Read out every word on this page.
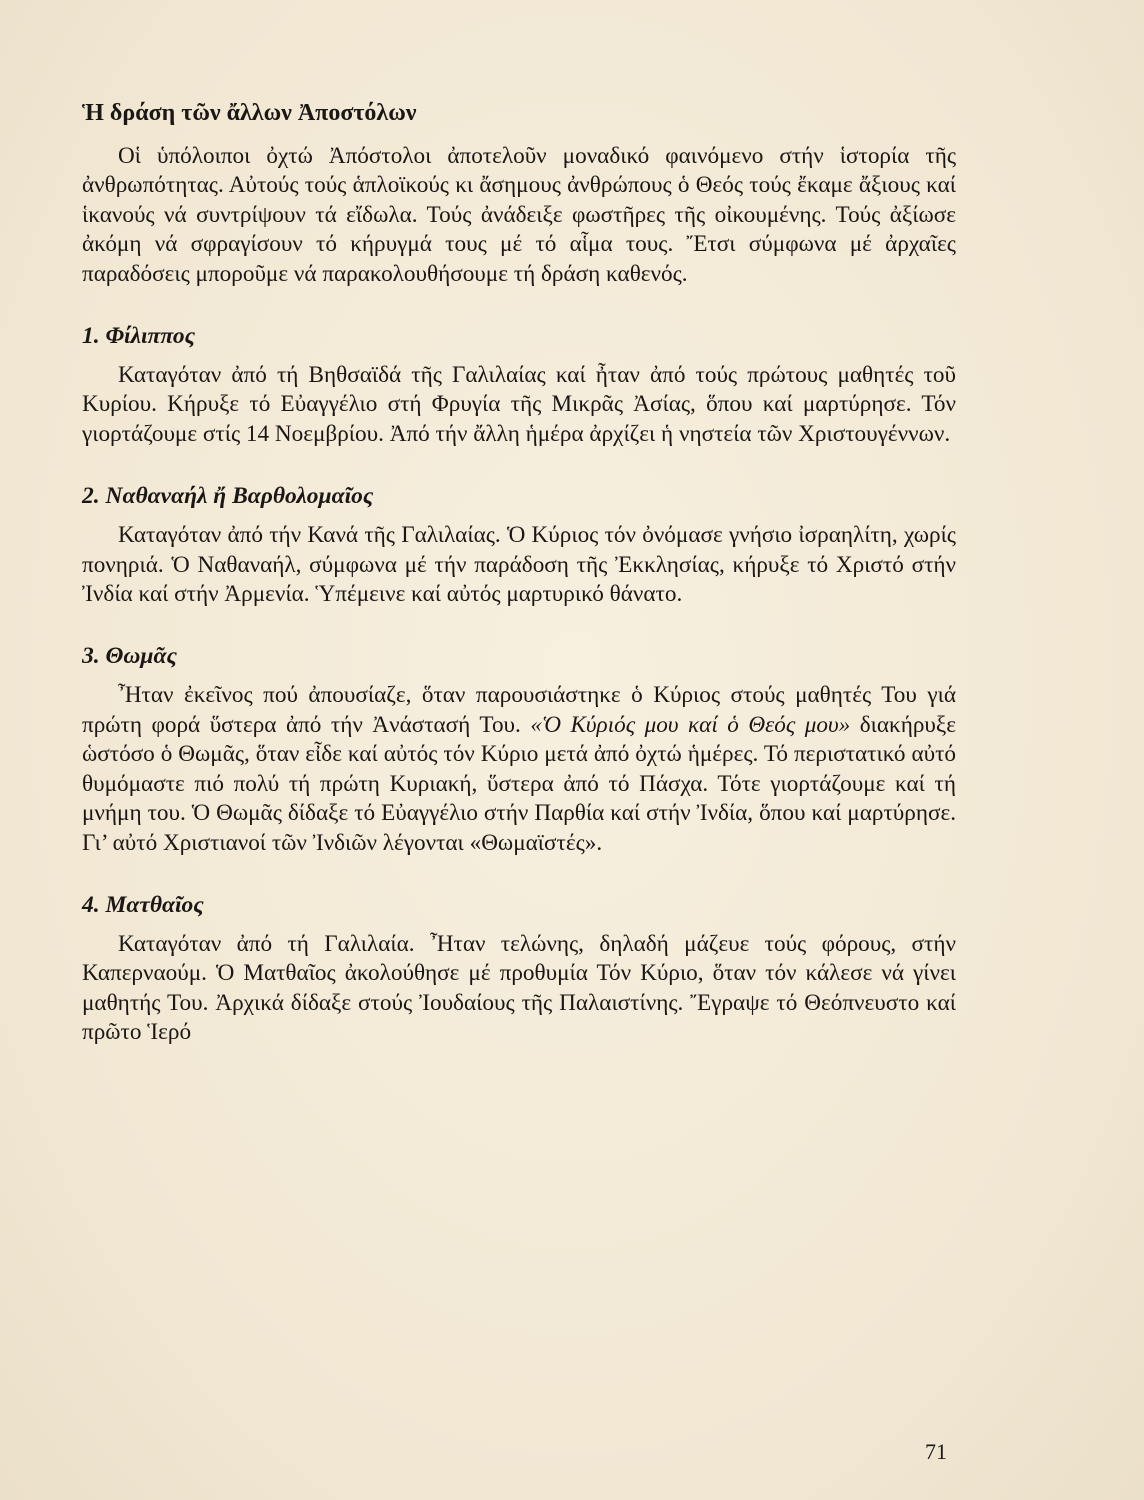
Ἡ δράση τῶν ἄλλων Ἀποστόλων

Οἱ ὑπόλοιποι ὀχτώ Ἀπόστολοι ἀποτελοῦν μοναδικό φαινόμενο στήν ἱστορία τῆς ἀνθρωπότητας. Αὐτούς τούς ἁπλοϊκούς κι ἄσημους ἀνθρώπους ὁ Θεός τούς ἔκαμε ἄξιους καί ἱκανούς νά συντρίψουν τά εἴδωλα. Τούς ἀνάδειξε φωστῆρες τῆς οἰκουμένης. Τούς ἀξίωσε ἀκόμη νά σφραγίσουν τό κήρυγμά τους μέ τό αἷμα τους. Ἔτσι σύμφωνα μέ ἀρχαῖες παραδόσεις μποροῦμε νά παρακολουθήσουμε τή δράση καθενός.

1. Φίλιππος

Καταγόταν ἀπό τή Βηθσαϊδά τῆς Γαλιλαίας καί ἦταν ἀπό τούς πρώτους μαθητές τοῦ Κυρίου. Κήρυξε τό Εὐαγγέλιο στή Φρυγία τῆς Μικρᾶς Ἀσίας, ὅπου καί μαρτύρησε. Τόν γιορτάζουμε στίς 14 Νοεμβρίου. Ἀπό τήν ἄλλη ἡμέρα ἀρχίζει ἡ νηστεία τῶν Χριστουγέννων.

2. Ναθαναήλ ἤ Βαρθολομαῖος

Καταγόταν ἀπό τήν Κανά τῆς Γαλιλαίας. Ὁ Κύριος τόν ὀνόμασε γνήσιο ἰσραηλίτη, χωρίς πονηριά. Ὁ Ναθαναήλ, σύμφωνα μέ τήν παράδοση τῆς Ἐκκλησίας, κήρυξε τό Χριστό στήν Ἰνδία καί στήν Ἀρμενία. Ὑπέμεινε καί αὐτός μαρτυρικό θάνατο.

3. Θωμᾶς

Ἦταν ἐκεῖνος πού ἀπουσίαζε, ὅταν παρουσιάστηκε ὁ Κύριος στούς μαθητές Του γιά πρώτη φορά ὕστερα ἀπό τήν Ἀνάστασή Του. «Ὁ Κύριός μου καί ὁ Θεός μου» διακήρυξε ὡστόσο ὁ Θωμᾶς, ὅταν εἶδε καί αὐτός τόν Κύριο μετά ἀπό ὀχτώ ἡμέρες. Τό περιστατικό αὐτό θυμόμαστε πιό πολύ τή πρώτη Κυριακή, ὕστερα ἀπό τό Πάσχα. Τότε γιορτάζουμε καί τή μνήμη του. Ὁ Θωμᾶς δίδαξε τό Εὐαγγέλιο στήν Παρθία καί στήν Ἰνδία, ὅπου καί μαρτύρησε. Γι’ αὐτό Χριστιανοί τῶν Ἰνδιῶν λέγονται «Θωμαϊστές».

4. Ματθαῖος

Καταγόταν ἀπό τή Γαλιλαία. Ἦταν τελώνης, δηλαδή μάζευε τούς φόρους, στήν Καπερναούμ. Ὁ Ματθαῖος ἀκολούθησε μέ προθυμία Τόν Κύριο, ὅταν τόν κάλεσε νά γίνει μαθητής Του. Ἀρχικά δίδαξε στούς Ἰουδαίους τῆς Παλαιστίνης. Ἔγραψε τό Θεόπνευστο καί πρῶτο Ἱερό

71
